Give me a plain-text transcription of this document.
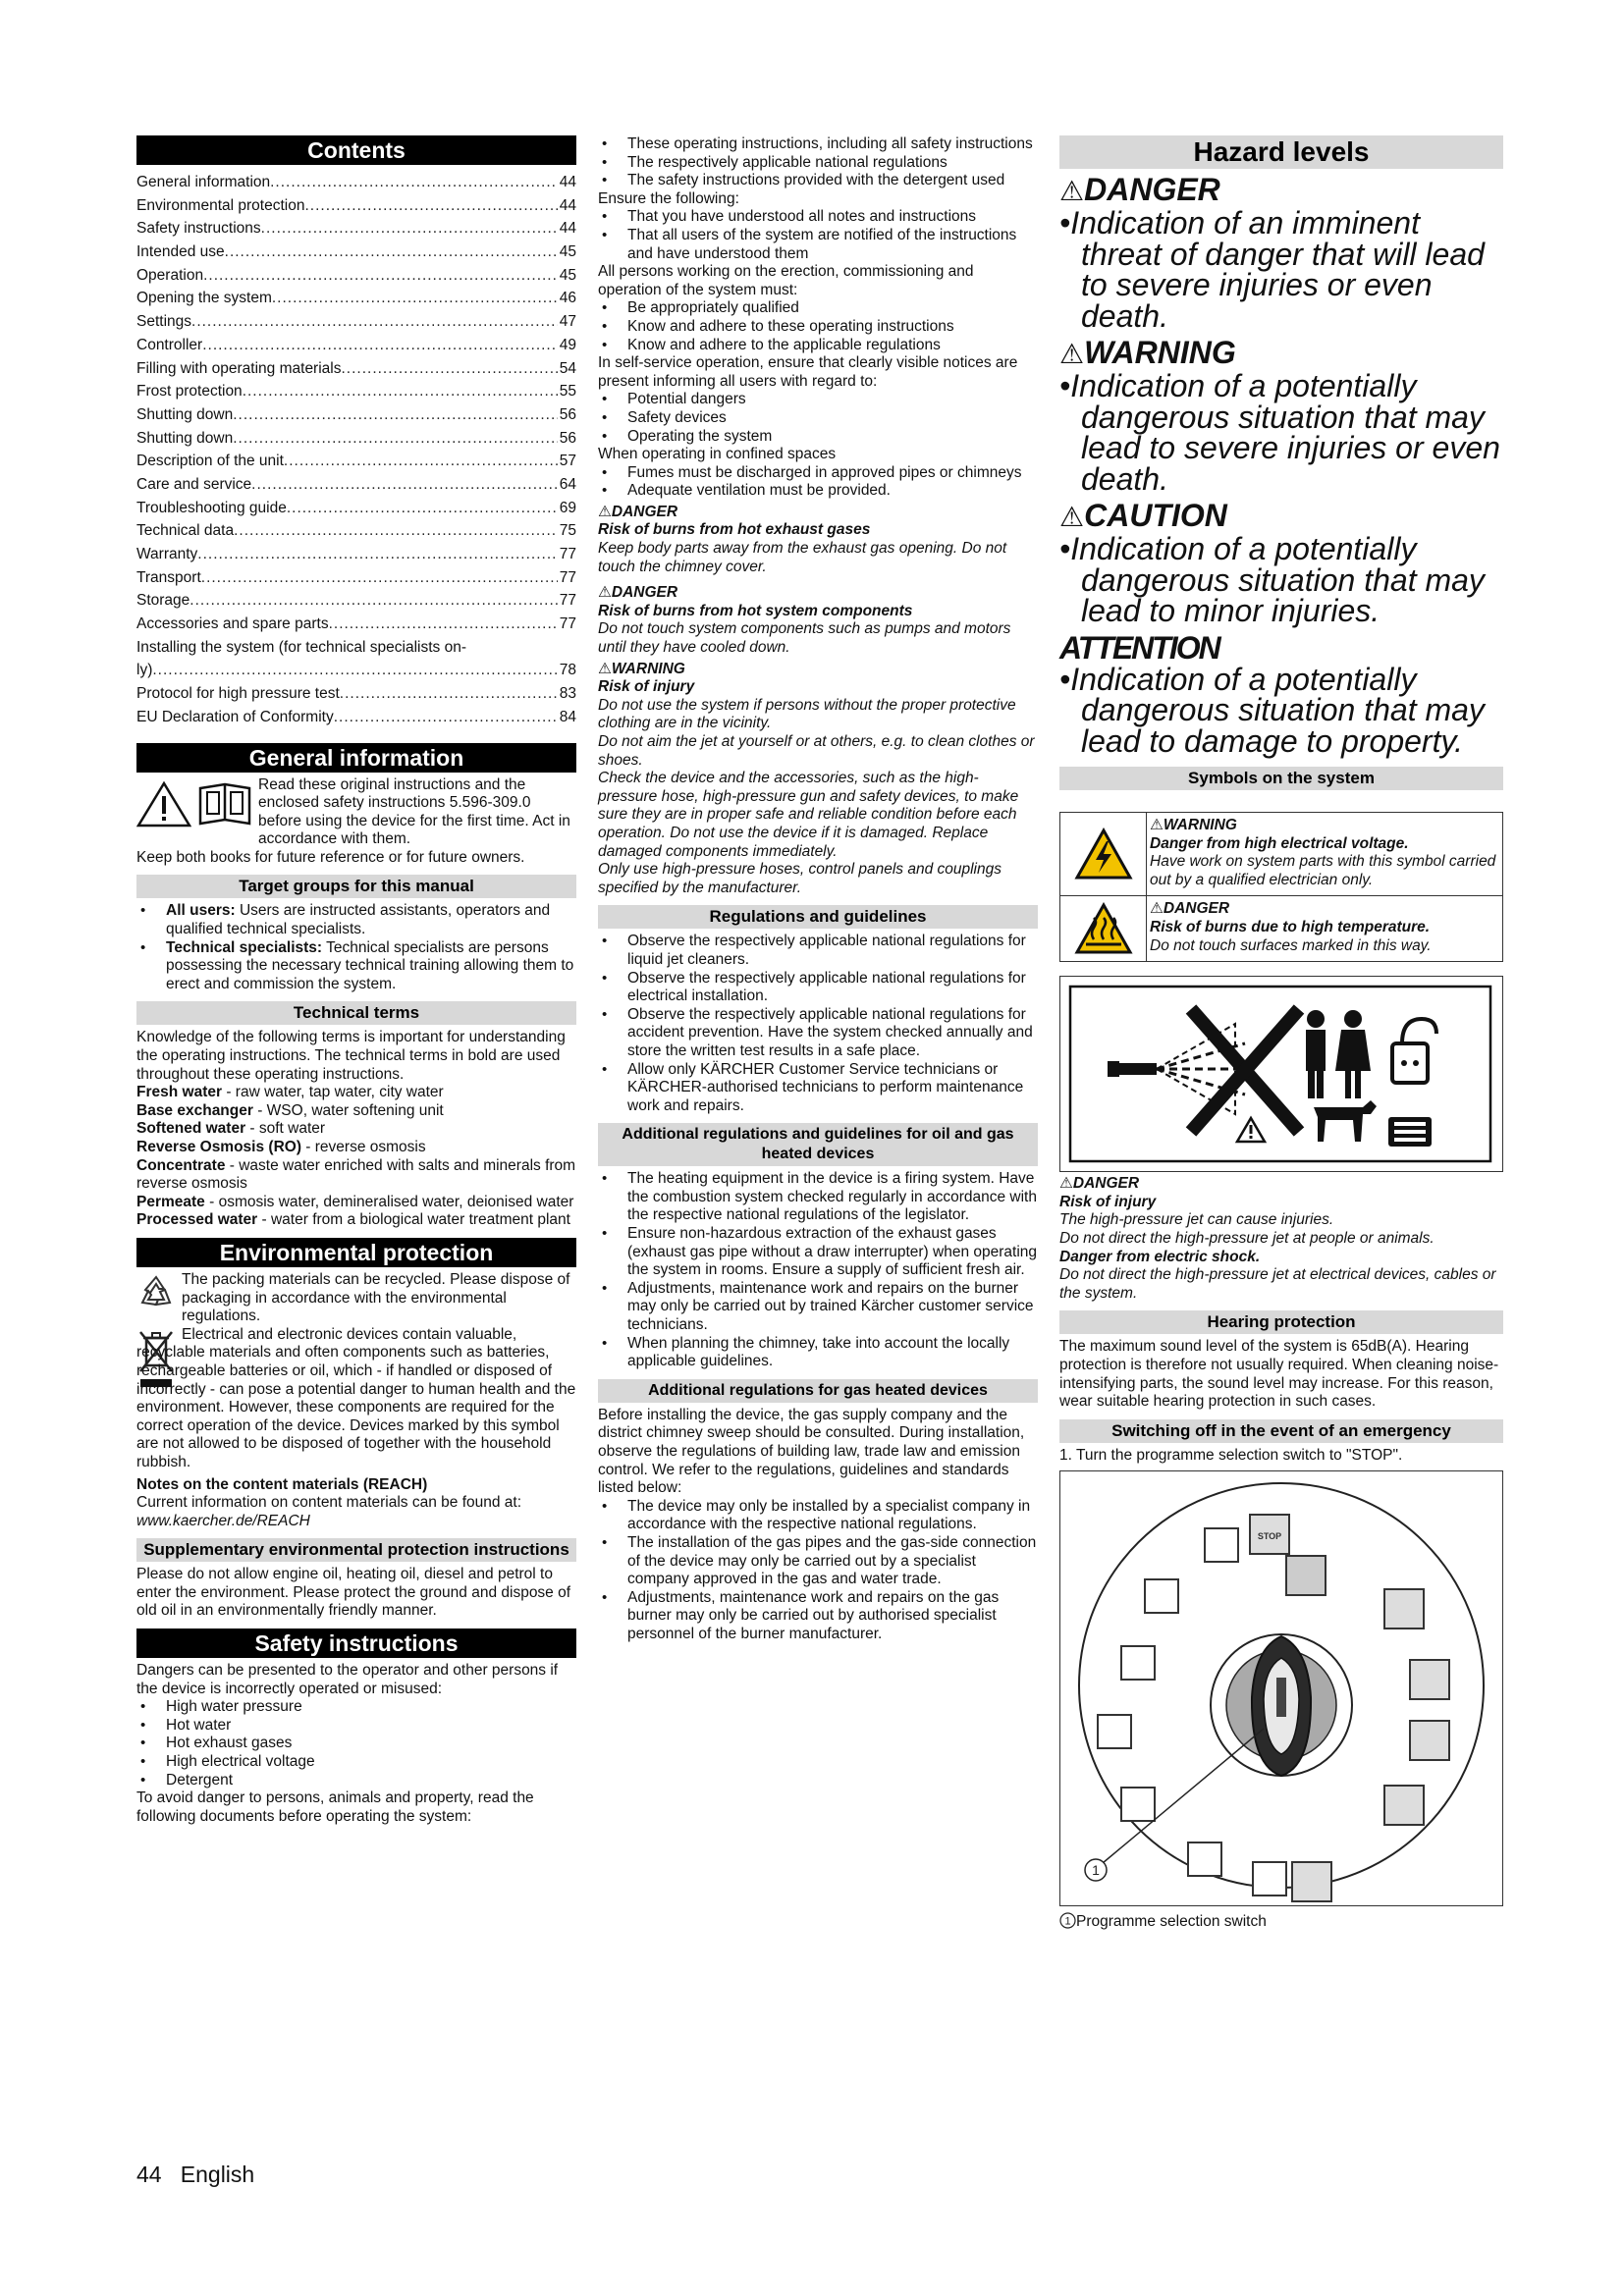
Contents
General information .....	44
Environmental protection .....	44
Safety instructions .....	44
Intended use .....	45
Operation .....	45
Opening the system .....	46
Settings .....	47
Controller .....	49
Filling with operating materials .....	54
Frost protection .....	55
Shutting down .....	56
Shutting down .....	56
Description of the unit .....	57
Care and service .....	64
Troubleshooting guide .....	69
Technical data .....	75
Warranty .....	77
Transport .....	77
Storage .....	77
Accessories and spare parts .....	77
Installing the system (for technical specialists on-
ly) .....	78
Protocol for high pressure test .....	83
EU Declaration of Conformity .....	84
General information

Read these original instructions and the enclosed safety instructions 5.596-309.0 before using the device for the first time. Act in accordance with them.

Keep both books for future reference or for future owners.

Target groups for this manual
• All users: Users are instructed assistants, operators and qualified technical specialists.
• Technical specialists: Technical specialists are persons possessing the necessary technical training allowing them to erect and commission the system.
Technical terms

Knowledge of the following terms is important for understanding the operating instructions. The technical terms in bold are used throughout these operating instructions.

Fresh water - raw water, tap water, city water

Base exchanger - WSO, water softening unit

Softened water - soft water

Reverse Osmosis (RO) - reverse osmosis

Concentrate - waste water enriched with salts and minerals from reverse osmosis

Permeate - osmosis water, demineralised water, deionised water

Processed water - water from a biological water treatment plant

Environmental protection

The packing materials can be recycled. Please dispose of packaging in accordance with the environmental regulations.

Electrical and electronic devices contain valuable, recyclable materials and often components such as batteries, rechargeable batteries or oil, which - if handled or disposed of incorrectly - can pose a potential danger to human health and the environment. However, these components are required for the correct operation of the device. Devices marked by this symbol are not allowed to be disposed of together with the household rubbish.

Notes on the content materials (REACH)

Current information on content materials can be found at: www.kaercher.de/REACH

Supplementary environmental protection instructions

Please do not allow engine oil, heating oil, diesel and petrol to enter the environment. Please protect the ground and dispose of old oil in an environmentally friendly manner.

Safety instructions

Dangers can be presented to the operator and other persons if the device is incorrectly operated or misused:

• High water pressure
• Hot water
• Hot exhaust gases
• High electrical voltage
• Detergent

To avoid danger to persons, animals and property, read the following documents before operating the system:

• These operating instructions, including all safety instructions
• The respectively applicable national regulations
• The safety instructions provided with the detergent used

Ensure the following:

• That you have understood all notes and instructions
• That all users of the system are notified of the instructions and have understood them

All persons working on the erection, commissioning and operation of the system must:

• Be appropriately qualified
• Know and adhere to these operating instructions
• Know and adhere to the applicable regulations

In self-service operation, ensure that clearly visible notices are present informing all users with regard to:

• Potential dangers
• Safety devices
• Operating the system

When operating in confined spaces

• Fumes must be discharged in approved pipes or chimneys
• Adequate ventilation must be provided.

⚠DANGER

Risk of burns from hot exhaust gases

Keep body parts away from the exhaust gas opening. Do not touch the chimney cover.

⚠DANGER

Risk of burns from hot system components

Do not touch system components such as pumps and motors until they have cooled down.

⚠WARNING

Risk of injury

Do not use the system if persons without the proper protective clothing are in the vicinity.

Do not aim the jet at yourself or at others, e.g. to clean clothes or shoes.

Check the device and the accessories, such as the high-pressure hose, high-pressure gun and safety devices, to make sure they are in proper safe and reliable condition before each operation. Do not use the device if it is damaged. Replace damaged components immediately.

Only use high-pressure hoses, control panels and couplings specified by the manufacturer.

Regulations and guidelines
• Observe the respectively applicable national regulations for liquid jet cleaners.
• Observe the respectively applicable national regulations for electrical installation.
• Observe the respectively applicable national regulations for accident prevention. Have the system checked annually and store the written test results in a safe place.
• Allow only KÄRCHER Customer Service technicians or KÄRCHER-authorised technicians to perform maintenance work and repairs.
Additional regulations and guidelines for oil and gas heated devices
• The heating equipment in the device is a firing system. Have the combustion system checked regularly in accordance with the respective national regulations of the legislator.
• Ensure non-hazardous extraction of the exhaust gases (exhaust gas pipe without a draw interrupter) when operating the system in rooms. Ensure a supply of sufficient fresh air.
• Adjustments, maintenance work and repairs on the burner may only be carried out by trained Kärcher customer service technicians.
• When planning the chimney, take into account the locally applicable guidelines.
Additional regulations for gas heated devices

Before installing the device, the gas supply company and the district chimney sweep should be consulted. During installation, observe the regulations of building law, trade law and emission control. We refer to the regulations, guidelines and standards listed below:

• The device may only be installed by a specialist company in accordance with the respective national regulations.
• The installation of the gas pipes and the gas-side connection of the device may only be carried out by a specialist company approved in the gas and water trade.
• Adjustments, maintenance work and repairs on the gas burner may only be carried out by authorised specialist personnel of the burner manufacturer.
Hazard levels

⚠DANGER

•Indication of an imminent threat of danger that will lead to severe injuries or even death.

⚠WARNING

•Indication of a potentially dangerous situation that may lead to severe injuries or even death.

⚠CAUTION

•Indication of a potentially dangerous situation that may lead to minor injuries.

ATTENTION

•Indication of a potentially dangerous situation that may lead to damage to property.

Symbols on the system

⚠WARNING

Danger from high electrical voltage.

Have work on system parts with this symbol carried out by a qualified electrician only.

⚠DANGER

Risk of burns due to high temperature.

Do not touch surfaces marked in this way.

⚠DANGER

Risk of injury

The high-pressure jet can cause injuries.

Do not direct the high-pressure jet at people or animals.

Danger from electric shock.

Do not direct the high-pressure jet at electrical devices, cables or the system.

Hearing protection

The maximum sound level of the system is 65dB(A). Hearing protection is therefore not usually required. When cleaning noise-intensifying parts, the sound level may increase. For this reason, wear suitable hearing protection in such cases.

Switching off in the event of an emergency

1. Turn the programme selection switch to "STOP".

STOP
1

1 Programme selection switch

44 English
